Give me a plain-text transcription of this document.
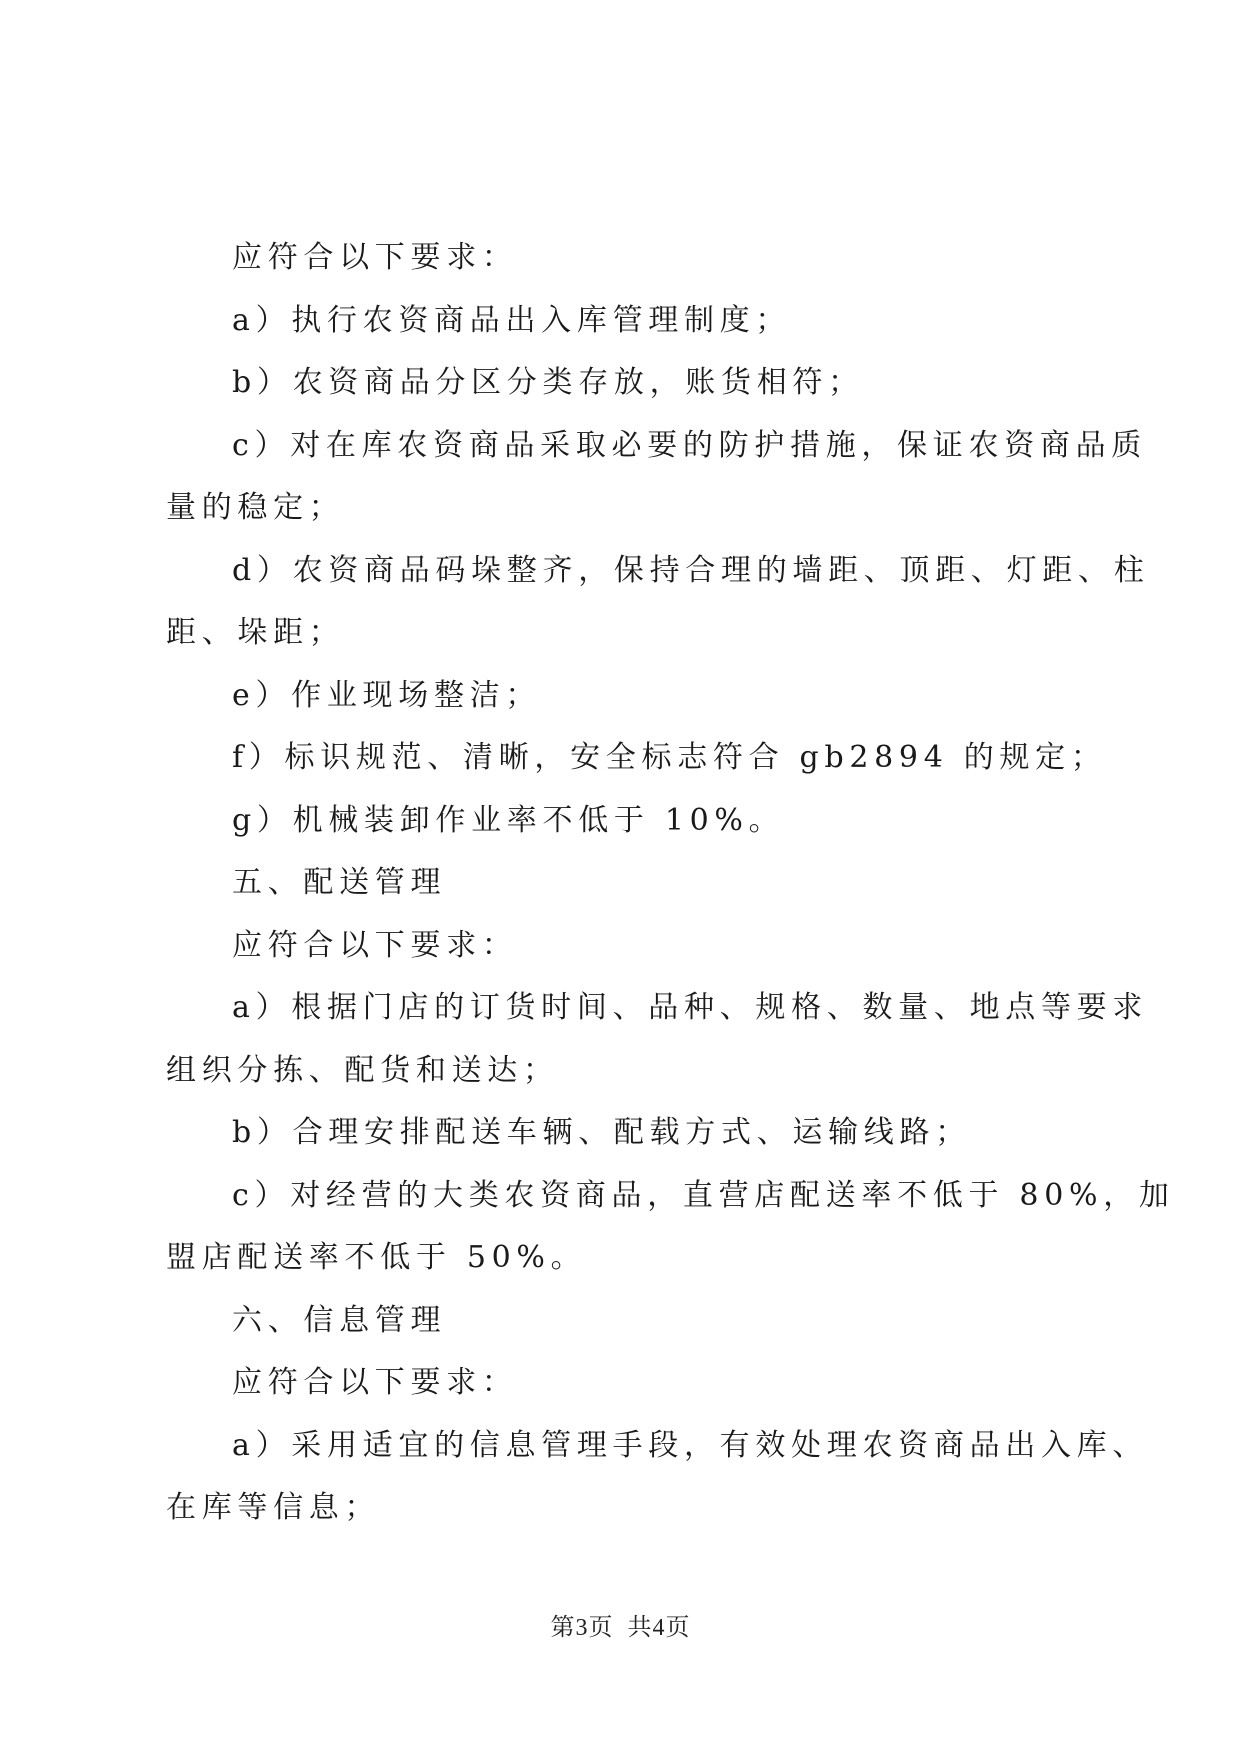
应符合以下要求：
a）执行农资商品出入库管理制度；
b）农资商品分区分类存放，账货相符；
c）对在库农资商品采取必要的防护措施，保证农资商品质
量的稳定；
d）农资商品码垛整齐，保持合理的墙距、顶距、灯距、柱
距、垛距；
e）作业现场整洁；
f）标识规范、清晰，安全标志符合 gb2894 的规定；
g）机械装卸作业率不低于 10%。
五、配送管理
应符合以下要求：
a）根据门店的订货时间、品种、规格、数量、地点等要求
组织分拣、配货和送达；
b）合理安排配送车辆、配载方式、运输线路；
c）对经营的大类农资商品，直营店配送率不低于 80%，加
盟店配送率不低于 50%。
六、信息管理
应符合以下要求：
a）采用适宜的信息管理手段，有效处理农资商品出入库、
在库等信息；
第3页 共4页
